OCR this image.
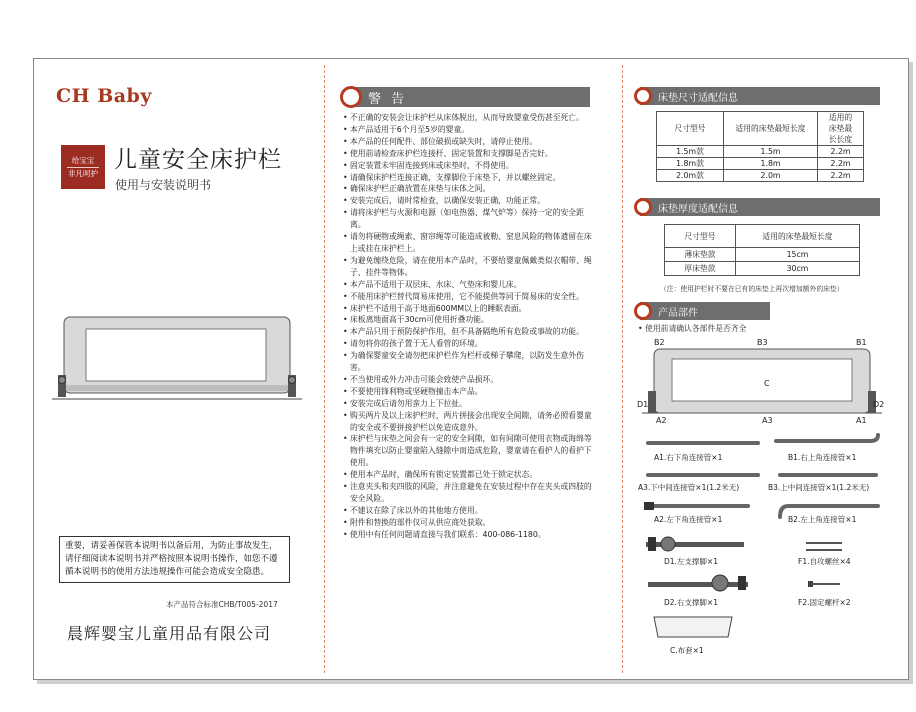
CH Baby
给宝宝
非凡呵护
儿童安全床护栏
使用与安装说明书
重要，请妥善保管本说明书以备后用，为防止事故发生，请仔细阅读本说明书并严格按照本说明书操作，如您不遵循本说明书的使用方法违规操作可能会造成安全隐患。
本产品符合标准CHB/T005-2017
晨辉婴宝儿童用品有限公司
警 告
• 不正确的安装会让床护栏从床体脱出，从而导致婴童受伤甚至死亡。
• 本产品适用于6个月至5岁的婴童。
• 本产品的任何配件、部位破损或缺失时，请停止使用。
• 使用前请检查床护栏连接杆、固定装置和支撑脚是否完好。
• 固定装置未牢固连接到床或床垫时，不得使用。
• 请确保床护栏连接正确，支撑脚位于床垫下，并以螺丝固定。
• 确保床护栏正确放置在床垫与床体之间。
• 安装完成后，请时常检查，以确保安装正确，功能正常。
• 请将床护栏与火源和电源（如电热器、煤气炉等）保持一定的安全距离。
• 请勿将硬物或绳索、窗帘绳等可能造成被勒、窒息风险的物体遗留在床上或挂在床护栏上。
• 为避免缠绕危险，请在使用本产品时，不要给婴童佩戴类似衣帽带、绳子、挂件等物体。
• 本产品不适用于双层床、水床、气垫床和婴儿床。
• 不能用床护栏替代简易床使用，它不能提供等同于简易床的安全性。
• 床护栏不适用于高于地面600MM以上的睡眠表面。
• 床板离地面高于30cm可使用折叠功能。
• 本产品只用于预防保护作用，但不具备隔绝所有危险或事故的功能。
• 请勿将你的孩子置于无人看管的环境。
• 为确保婴童安全请勿把床护栏作为栏杆或梯子攀爬，以防发生意外伤害。
• 不当使用或外力冲击可能会致使产品损坏。
• 不要使用锋利物或坚硬物撞击本产品。
• 安装完成后请勿用蛮力上下拉扯。
• 购买两片及以上床护栏时，两片拼接会出现安全间隙，请务必照看婴童的安全或不要拼接护栏以免造成意外。
• 床护栏与床垫之间会有一定的安全间隙，如有间隙可使用衣物或海绵等物件填充以防止婴童陷入缝隙中而造成危险，婴童请在看护人的看护下使用。
• 使用本产品时，确保所有锁定装置都已处于锁定状态。
• 注意夹头和夹四肢的风险，并注意避免在安装过程中存在夹头或四肢的安全风险。
• 不建议在除了床以外的其他地方使用。
• 附件和替换的部件仅可从供应商处获取。
• 使用中有任何问题请直接与我们联系：400-086-1180。
床垫尺寸适配信息
尺寸型号	适用的床垫最短长度	适用的床垫最长长度
1.5m款	1.5m	2.2m
1.8m款	1.8m	2.2m
2.0m款	2.0m	2.2m
床垫厚度适配信息
尺寸型号	适用的床垫最短长度
薄床垫款	15cm
厚床垫款	30cm
（注：使用护栏时不要在已有的床垫上再次增加额外的床垫）
产品部件
• 使用前请确认各部件是否齐全
B2	B3	B1
C
D1	D2
A2	A3	A1
A1.右下角连接管×1	B1.右上角连接管×1
A3.下中间连接管×1(1.2米无)	B3.上中间连接管×1(1.2米无)
A2.左下角连接管×1	B2.左上角连接管×1
D1.左支撑脚×1	F1.自攻螺丝×4
D2.右支撑脚×1	F2.固定螺杆×2
C.布套×1
